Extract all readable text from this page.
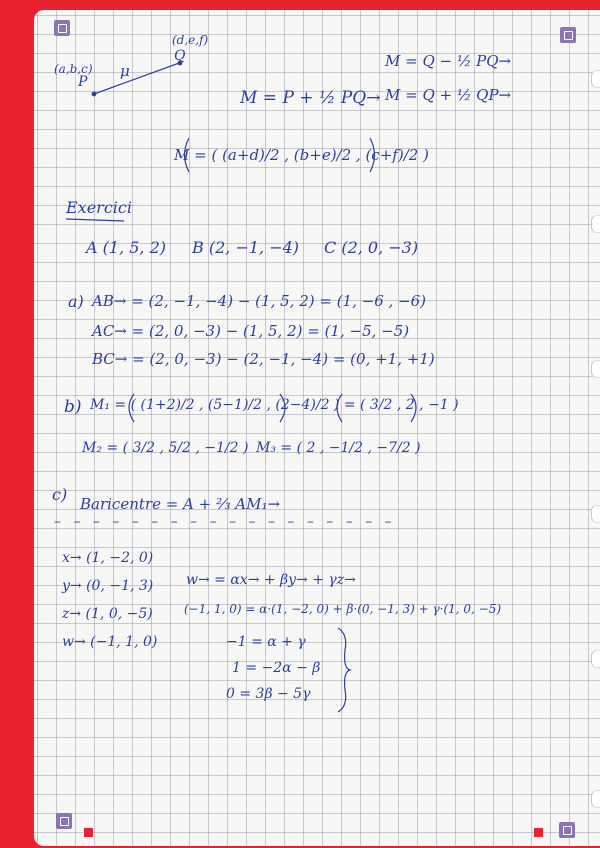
(a,b,c)
P
(d,e,f)
Q
μ
M = P + ½ PQ→
M = Q − ½ PQ→
M = Q + ½ QP→
M = ( (a+d)/2 , (b+e)/2 , (c+f)/2 )
Exercici
A (1, 5, 2) B (2, −1, −4) C (2, 0, −3)
a) AB→ = (2, −1, −4) − (1, 5, 2) = (1, −6 , −6)
AC→ = (2, 0, −3) − (1, 5, 2) = (1, −5, −5)
BC→ = (2, 0, −3) − (2, −1, −4) = (0, +1, +1)
b) M₁ = ( (1+2)/2 , (5−1)/2 , (2−4)/2 ) = ( 3/2 , 2 , −1 )
M₂ = ( 3/2 , 5/2 , −1/2 ) M₃ = ( 2 , −1/2 , −7/2 )
c) Baricentre = A + ⅔ AM₁→
– – – – – – – – – – – – – – – – – –
x→ (1, −2, 0)
y→ (0, −1, 3)
z→ (1, 0, −5)
w→ (−1, 1, 0)
w→ = αx→ + βy→ + γz→
(−1, 1, 0) = α·(1, −2, 0) + β·(0, −1, 3) + γ·(1, 0, −5)
−1 = α + γ
1 = −2α − β
0 = 3β − 5γ
